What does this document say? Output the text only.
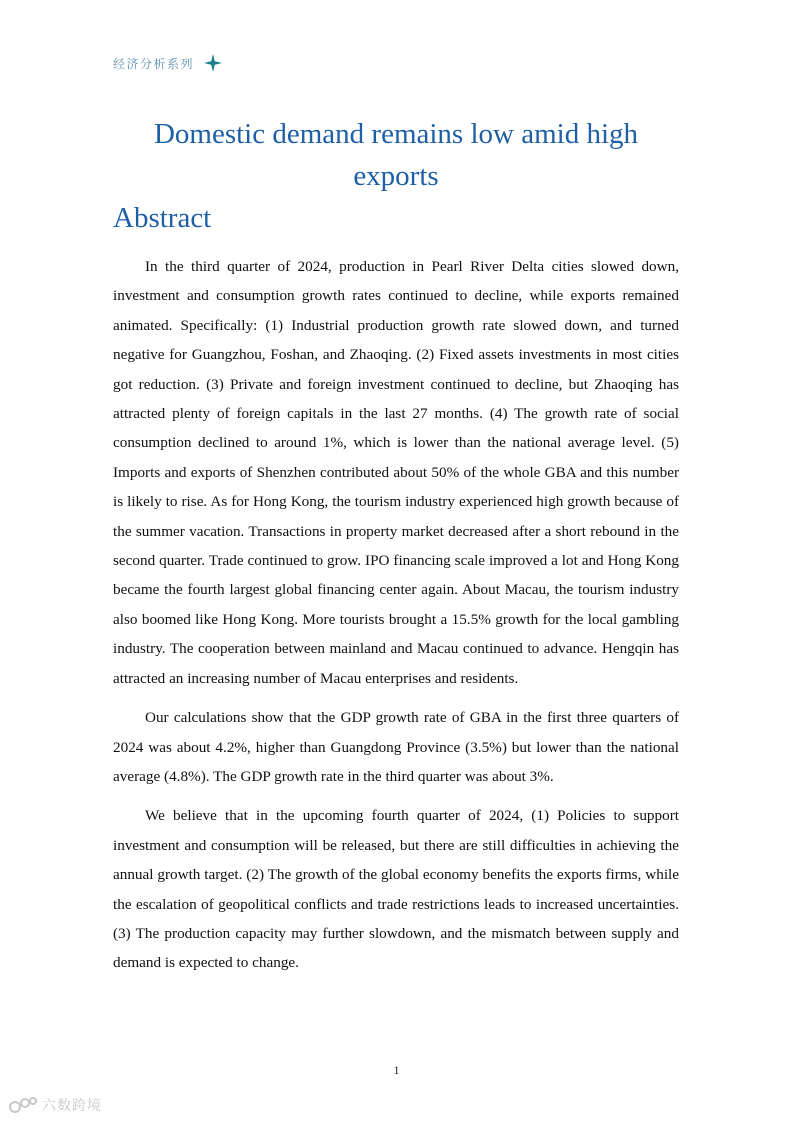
经济分析系列
Domestic demand remains low amid high exports
Abstract

In the third quarter of 2024, production in Pearl River Delta cities slowed down, investment and consumption growth rates continued to decline, while exports remained animated. Specifically: (1) Industrial production growth rate slowed down, and turned negative for Guangzhou, Foshan, and Zhaoqing. (2) Fixed assets investments in most cities got reduction. (3) Private and foreign investment continued to decline, but Zhaoqing has attracted plenty of foreign capitals in the last 27 months. (4) The growth rate of social consumption declined to around 1%, which is lower than the national average level. (5) Imports and exports of Shenzhen contributed about 50% of the whole GBA and this number is likely to rise. As for Hong Kong, the tourism industry experienced high growth because of the summer vacation. Transactions in property market decreased after a short rebound in the second quarter. Trade continued to grow. IPO financing scale improved a lot and Hong Kong became the fourth largest global financing center again. About Macau, the tourism industry also boomed like Hong Kong. More tourists brought a 15.5% growth for the local gambling industry. The cooperation between mainland and Macau continued to advance. Hengqin has attracted an increasing number of Macau enterprises and residents.

Our calculations show that the GDP growth rate of GBA in the first three quarters of 2024 was about 4.2%, higher than Guangdong Province (3.5%) but lower than the national average (4.8%). The GDP growth rate in the third quarter was about 3%.

We believe that in the upcoming fourth quarter of 2024, (1) Policies to support investment and consumption will be released, but there are still difficulties in achieving the annual growth target. (2) The growth of the global economy benefits the exports firms, while the escalation of geopolitical conflicts and trade restrictions leads to increased uncertainties. (3) The production capacity may further slowdown, and the mismatch between supply and demand is expected to change.

1
六数跨境
